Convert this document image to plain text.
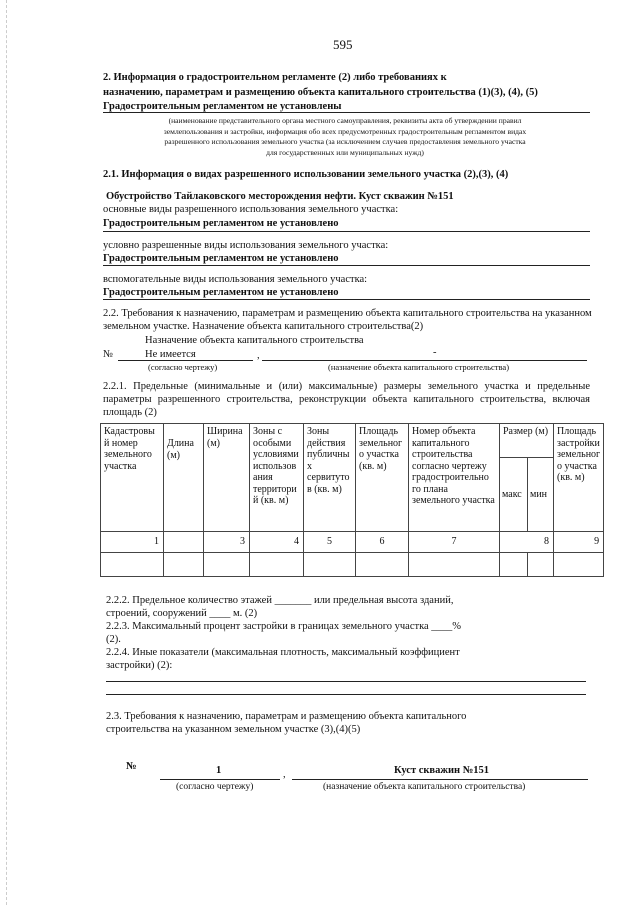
595
2. Информация о градостроительном регламенте (2) либо требованиях к
назначению, параметрам и размещению объекта капитального строительства (1)(3), (4), (5)
Градостроительным регламентом не установлены
(наименование представительного органа местного самоуправления, реквизиты акта об утверждении правил
землепользования и застройки, информация обо всех предусмотренных градостроительным регламентом видах
разрешенного использования земельного участка (за исключением случаев предоставления земельного участка
для государственных или муниципальных нужд)
2.1. Информация о видах разрешенного использовании земельного участка (2),(3), (4)
Обустройство Тайлаковского месторождения нефти. Куст скважин №151
основные виды разрешенного использования земельного участка:
Градостроительным регламентом не установлено
условно разрешенные виды использования земельного участка:
Градостроительным регламентом не установлено
вспомогательные виды использования земельного участка:
Градостроительным регламентом не установлено
2.2. Требования к назначению, параметрам и размещению объекта капитального строительства на указанном
земельном участке. Назначение объекта капитального строительства(2)
Назначение объекта капитального строительства
№	Не имеется	,	-
(согласно чертежу)	(назначение объекта капитального строительства)
2.2.1. Предельные (минимальные и (или) максимальные) размеры земельного участка и предельные
параметры разрешенного строительства, реконструкции объекта капитального строительства, включая
площадь (2)
Кадастровы й номер земельного участка	Длина (м)	Ширина (м)	Зоны с особыми условиями использов ания территори й (кв. м)	Зоны действия публичны х сервитуто в (кв. м)	Площадь земельног о участка (кв. м)	Номер объекта капитального строительства согласно чертежу градостроительно го плана земельного участка	Размер (м)		Площадь застройки земельног о участка (кв. м)
							макс	мин	
1		3	4	5	6	7	8		9

2.2.2. Предельное количество этажей _______ или предельная высота зданий,
строений, сооружений ____ м. (2)
2.2.3. Максимальный процент застройки в границах земельного участка ____%
(2).
2.2.4. Иные показатели (максимальная плотность, максимальный коэффициент
застройки) (2):
2.3. Требования к назначению, параметрам и размещению объекта капитального
строительства на указанном земельном участке (3),(4)(5)
№	1	,	Куст скважин №151
(согласно чертежу)	(назначение объекта капитального строительства)
